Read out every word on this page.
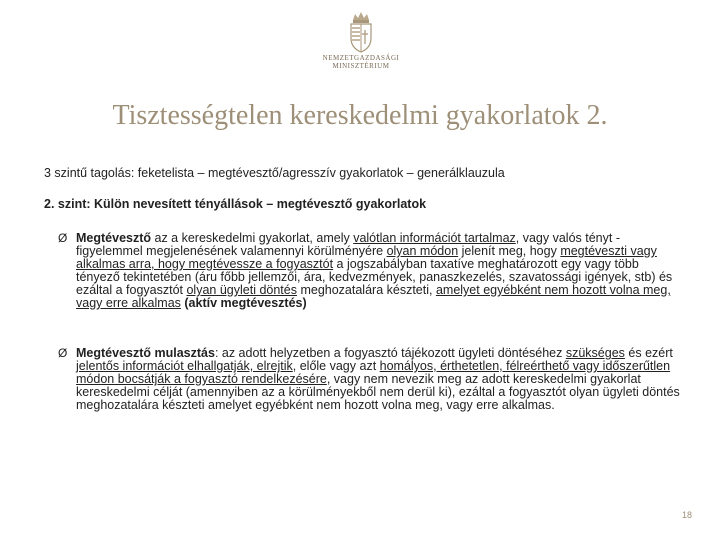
NEMZETGAZDASÁGI
MINISZTÉRIUM
Tisztességtelen kereskedelmi gyakorlatok 2.
3 szintű tagolás: feketelista – megtévesztő/agresszív gyakorlatok – generálklauzula
2. szint: Külön nevesített tényállások – megtévesztő gyakorlatok
Ø Megtévesztő az a kereskedelmi gyakorlat, amely valótlan információt tartalmaz, vagy valós tényt - figyelemmel megjelenésének valamennyi körülményére olyan módon jelenít meg, hogy megtéveszti vagy alkalmas arra, hogy megtévessze a fogyasztót a jogszabályban taxatíve meghatározott egy vagy több tényező tekintetében (áru főbb jellemzői, ára, kedvezmények, panaszkezelés, szavatossági igények, stb) és ezáltal a fogyasztót olyan ügyleti döntés meghozatalára készteti, amelyet egyébként nem hozott volna meg, vagy erre alkalmas (aktív megtévesztés)
Ø Megtévesztő mulasztás: az adott helyzetben a fogyasztó tájékozott ügyleti döntéséhez szükséges és ezért jelentős információt elhallgatják, elrejtik, előle vagy azt homályos, érthetetlen, félreérthető vagy időszerűtlen módon bocsátják a fogyasztó rendelkezésére, vagy nem nevezik meg az adott kereskedelmi gyakorlat kereskedelmi célját (amennyiben az a körülményekből nem derül ki), ezáltal a fogyasztót olyan ügyleti döntés meghozatalára készteti amelyet egyébként nem hozott volna meg, vagy erre alkalmas.
18
